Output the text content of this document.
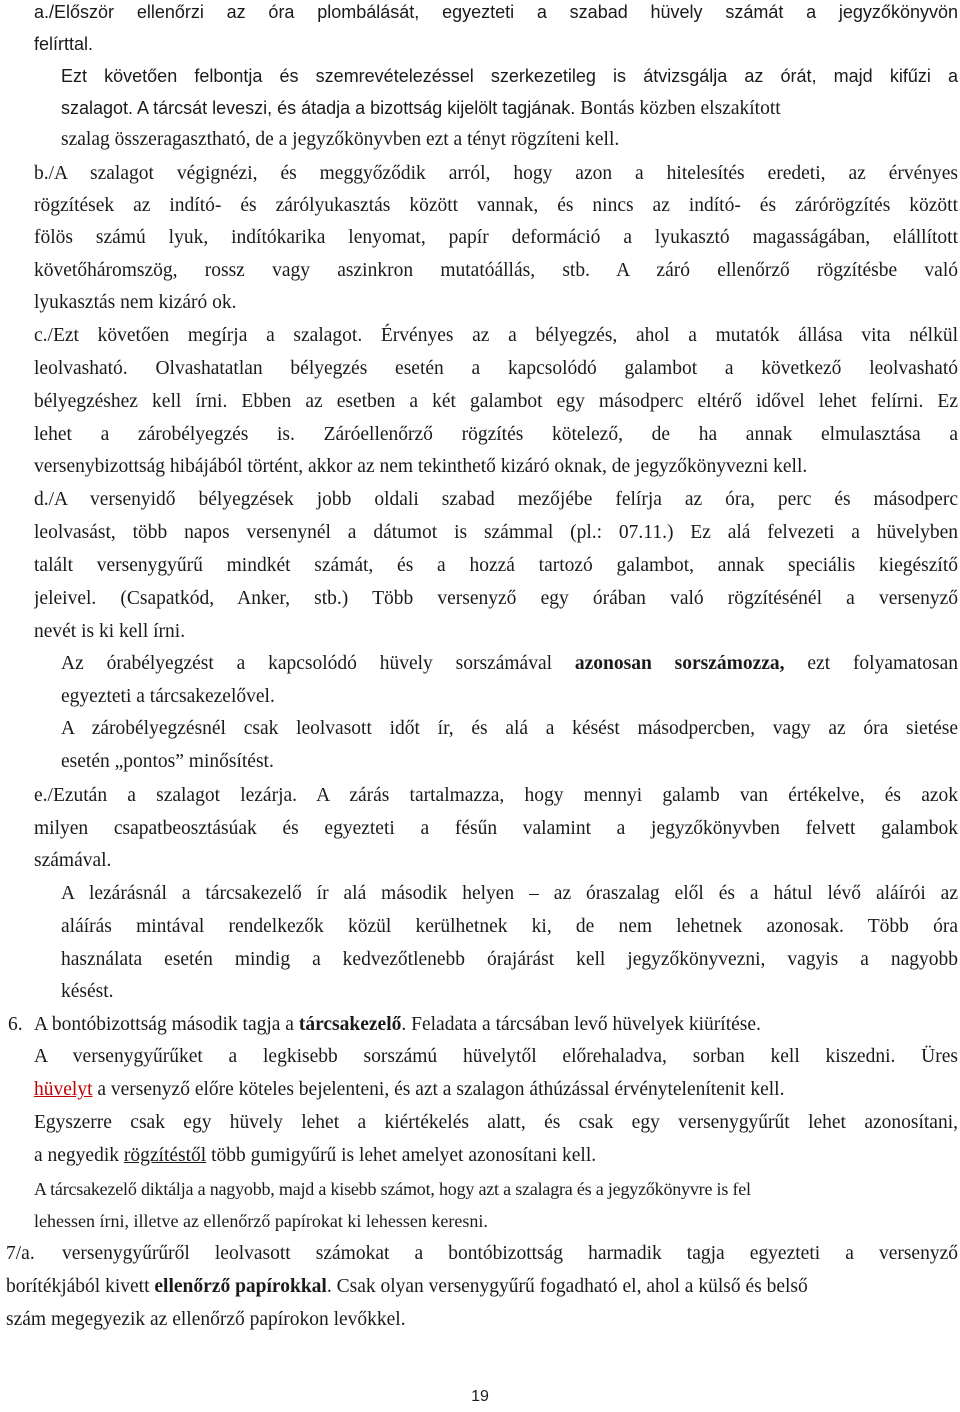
a./Először ellenőrzi az óra plombálását, egyezteti a szabad hüvely számát a jegyzőkönyvön
felírttal.
Ezt követően felbontja és szemrevételezéssel szerkezetileg is átvizsgálja az órát, majd kifűzi a
szalagot. A tárcsát leveszi, és átadja a bizottság kijelölt tagjának. Bontás közben elszakított
szalag összeragasztható, de a jegyzőkönyvben ezt a tényt rögzíteni kell.
b./A szalagot végignézi, és meggyőződik arról, hogy azon a hitelesítés eredeti, az érvényes
rögzítések az indító- és zárólyukasztás között vannak, és nincs az indító- és zárórögzítés között
fölös számú lyuk, indítókarika lenyomat, papír deformáció a lyukasztó magasságában, elállított
követőháromszög, rossz vagy aszinkron mutatóállás, stb. A záró ellenőrző rögzítésbe való
lyukasztás nem kizáró ok.
c./Ezt követően megírja a szalagot. Érvényes az a bélyegzés, ahol a mutatók állása vita nélkül
leolvasható. Olvashatatlan bélyegzés esetén a kapcsolódó galambot a következő leolvasható
bélyegzéshez kell írni. Ebben az esetben a két galambot egy másodperc eltérő idővel lehet felírni. Ez
lehet a zárobélyegzés is. Záróellenőrző rögzítés kötelező, de ha annak elmulasztása a
versenybizottság hibájából történt, akkor az nem tekinthető kizáró oknak, de jegyzőkönyvezni kell.
d./A versenyidő bélyegzések jobb oldali szabad mezőjébe felírja az óra, perc és másodperc
leolvasást, több napos versenynél a dátumot is számmal (pl.: 07.11.) Ez alá felvezeti a hüvelyben
talált versenygyűrű mindkét számát, és a hozzá tartozó galambot, annak speciális kiegészítő
jeleivel. (Csapatkód, Anker, stb.) Több versenyző egy órában való rögzítésénél a versenyző
nevét is ki kell írni.
Az órabélyegzést a kapcsolódó hüvely sorszámával azonosan sorszámozza, ezt folyamatosan
egyezteti a tárcsakezelővel.
A zárobélyegzésnél csak leolvasott időt ír, és alá a késést másodpercben, vagy az óra sietése
esetén „pontos” minősítést.
e./Ezután a szalagot lezárja. A zárás tartalmazza, hogy mennyi galamb van értékelve, és azok
milyen csapatbeosztásúak és egyezteti a fésűn valamint a jegyzőkönyvben felvett galambok
számával.
A lezárásnál a tárcsakezelő ír alá második helyen – az óraszalag elől és a hátul lévő aláírói az
aláírás mintával rendelkezők közül kerülhetnek ki, de nem lehetnek azonosak. Több óra
használata esetén mindig a kedvezőtlenebb órajárást kell jegyzőkönyvezni, vagyis a nagyobb
késést.
6. A bontóbizottság második tagja a tárcsakezelő. Feladata a tárcsában levő hüvelyek kiürítése.
A versenygyűrűket a legkisebb sorszámú hüvelytől előrehaladva, sorban kell kiszedni. Üres
hüvelyt a versenyző előre köteles bejelenteni, és azt a szalagon áthúzással érvénytelenítenit kell.
Egyszerre csak egy hüvely lehet a kiértékelés alatt, és csak egy versenygyűrűt lehet azonosítani,
a negyedik rögzítéstől több gumigyűrű is lehet amelyet azonosítani kell.
A tárcsakezelő diktálja a nagyobb, majd a kisebb számot, hogy azt a szalagra és a jegyzőkönyvre is fel
lehessen írni, illetve az ellenőrző papírokat ki lehessen keresni.
7/a.	versenygyűrűről leolvasott számokat a bontóbizottság harmadik tagja egyezteti a versenyző
borítékjából kivett ellenőrző papírokkal. Csak olyan versenygyűrű fogadható el, ahol a külső és belső
szám megegyezik az ellenőrző papírokon levőkkel.
19
